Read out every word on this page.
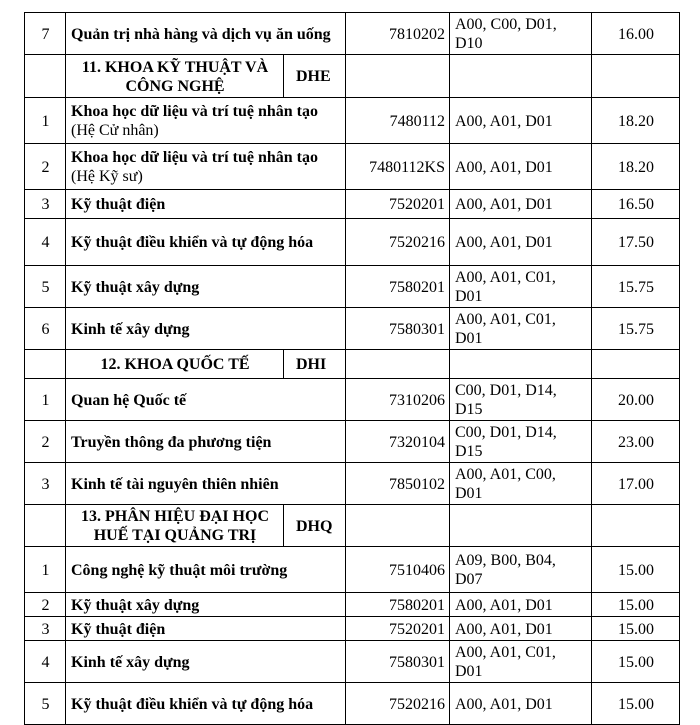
7	Quản trị nhà hàng và dịch vụ ăn uống		7810202	A00, C00, D01, D10	16.00
	11. KHOA KỸ THUẬT VÀ CÔNG NGHỆ	DHE			
1	Khoa học dữ liệu và trí tuệ nhân tạo (Hệ Cử nhân)		7480112	A00, A01, D01	18.20
2	Khoa học dữ liệu và trí tuệ nhân tạo (Hệ Kỹ sư)		7480112KS	A00, A01, D01	18.20
3	Kỹ thuật điện		7520201	A00, A01, D01	16.50
4	Kỹ thuật điều khiển và tự động hóa		7520216	A00, A01, D01	17.50
5	Kỹ thuật xây dựng		7580201	A00, A01, C01, D01	15.75
6	Kinh tế xây dựng		7580301	A00, A01, C01, D01	15.75
	12. KHOA QUỐC TẾ	DHI			
1	Quan hệ Quốc tế		7310206	C00, D01, D14, D15	20.00
2	Truyền thông đa phương tiện		7320104	C00, D01, D14, D15	23.00
3	Kinh tế tài nguyên thiên nhiên		7850102	A00, A01, C00, D01	17.00
	13. PHÂN HIỆU ĐẠI HỌC HUẾ TẠI QUẢNG TRỊ	DHQ			
1	Công nghệ kỹ thuật môi trường		7510406	A09, B00, B04, D07	15.00
2	Kỹ thuật xây dựng		7580201	A00, A01, D01	15.00
3	Kỹ thuật điện		7520201	A00, A01, D01	15.00
4	Kinh tế xây dựng		7580301	A00, A01, C01, D01	15.00
5	Kỹ thuật điều khiển và tự động hóa		7520216	A00, A01, D01	15.00
